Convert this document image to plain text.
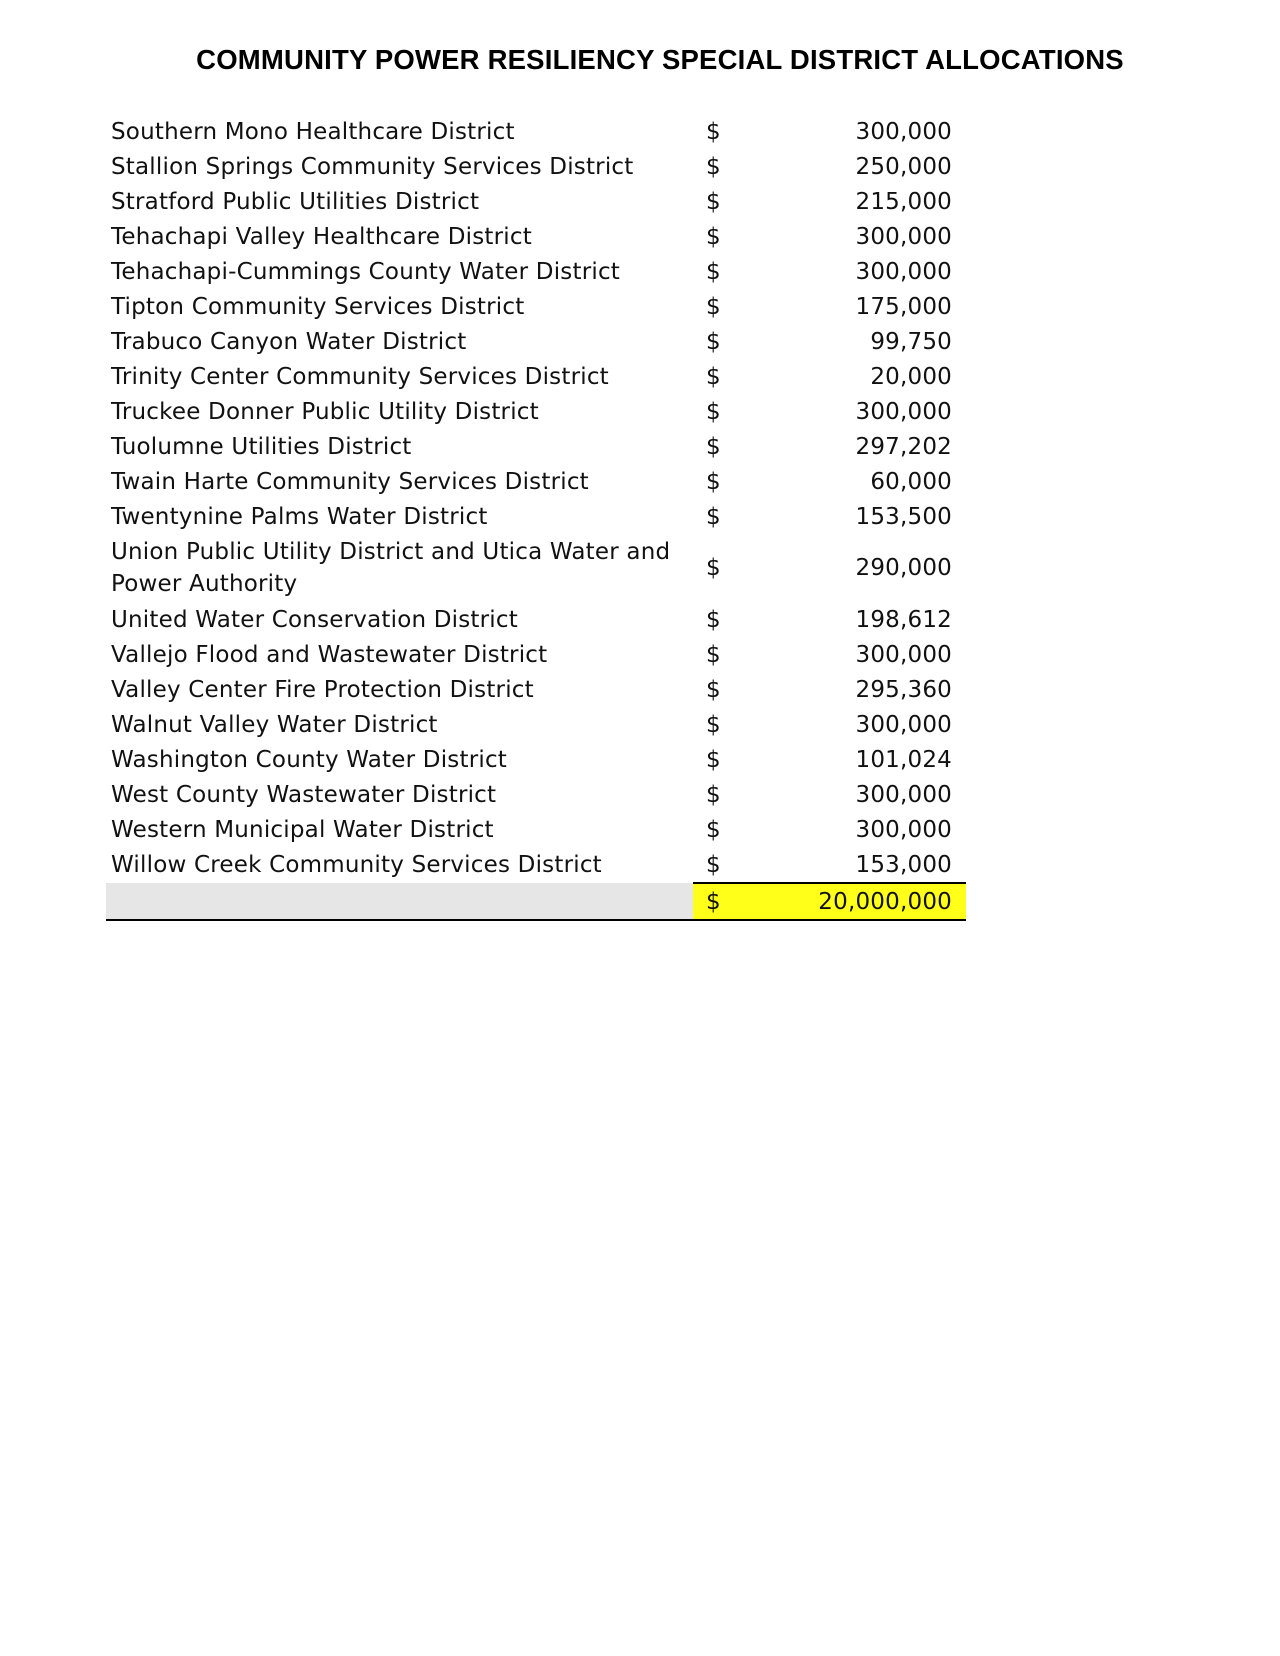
COMMUNITY POWER RESILIENCY SPECIAL DISTRICT ALLOCATIONS
Southern Mono Healthcare District	$	300,000
Stallion Springs Community Services District	$	250,000
Stratford Public Utilities District	$	215,000
Tehachapi Valley Healthcare District	$	300,000
Tehachapi-Cummings County Water District	$	300,000
Tipton Community Services District	$	175,000
Trabuco Canyon Water District	$	99,750
Trinity Center Community Services District	$	20,000
Truckee Donner Public Utility District	$	300,000
Tuolumne Utilities District	$	297,202
Twain Harte Community Services District	$	60,000
Twentynine Palms Water District	$	153,500
Union Public Utility District and Utica Water and Power Authority	$	290,000
United Water Conservation District	$	198,612
Vallejo Flood and Wastewater District	$	300,000
Valley Center Fire Protection District	$	295,360
Walnut Valley Water District	$	300,000
Washington County Water District	$	101,024
West County Wastewater District	$	300,000
Western Municipal Water District	$	300,000
Willow Creek Community Services District	$	153,000
	$	20,000,000
